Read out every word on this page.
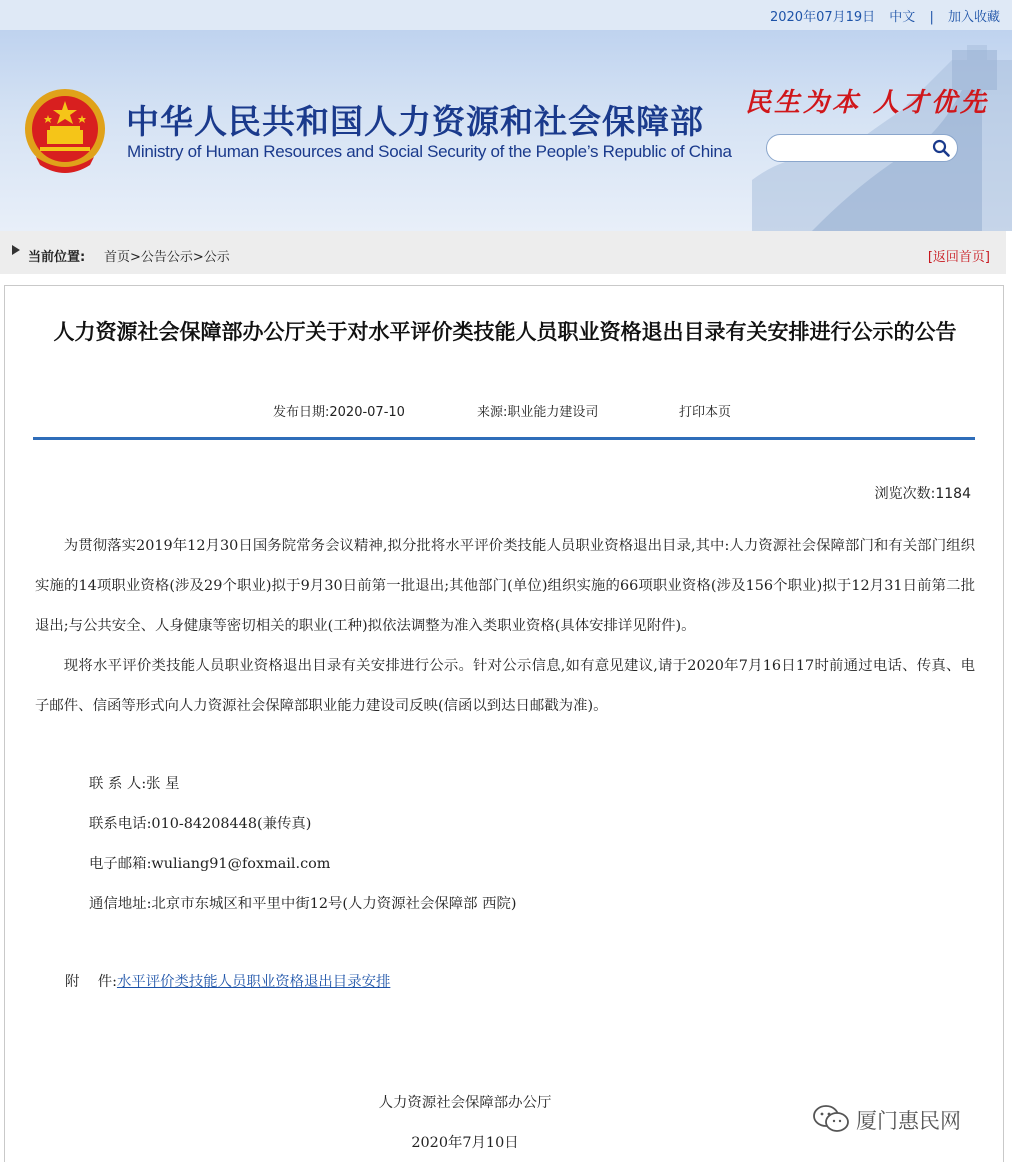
2020年07月19日 中文 | 加入收藏
中华人民共和国人力资源和社会保障部
Ministry of Human Resources and Social Security of the People’s Republic of China
民生为本 人才优先
当前位置: 首页>公告公示>公示	[返回首页]
人力资源社会保障部办公厅关于对水平评价类技能人员职业资格退出目录有关安排进行公示的公告
发布日期:2020-07-10	来源:职业能力建设司	打印本页
浏览次数:1184

为贯彻落实2019年12月30日国务院常务会议精神,拟分批将水平评价类技能人员职业资格退出目录,其中:人力资源社会保障部门和有关部门组织实施的14项职业资格(涉及29个职业)拟于9月30日前第一批退出;其他部门(单位)组织实施的66项职业资格(涉及156个职业)拟于12月31日前第二批退出;与公共安全、人身健康等密切相关的职业(工种)拟依法调整为准入类职业资格(具体安排详见附件)。

现将水平评价类技能人员职业资格退出目录有关安排进行公示。针对公示信息,如有意见建议,请于2020年7月16日17时前通过电话、传真、电子邮件、信函等形式向人力资源社会保障部职业能力建设司反映(信函以到达日邮戳为准)。

联 系 人:张 星
联系电话:010-84208448(兼传真)
电子邮箱:wuliang91@foxmail.com
通信地址:北京市东城区和平里中街12号(人力资源社会保障部 西院)
附    件:水平评价类技能人员职业资格退出目录安排
人力资源社会保障部办公厅
2020年7月10日
厦门惠民网
